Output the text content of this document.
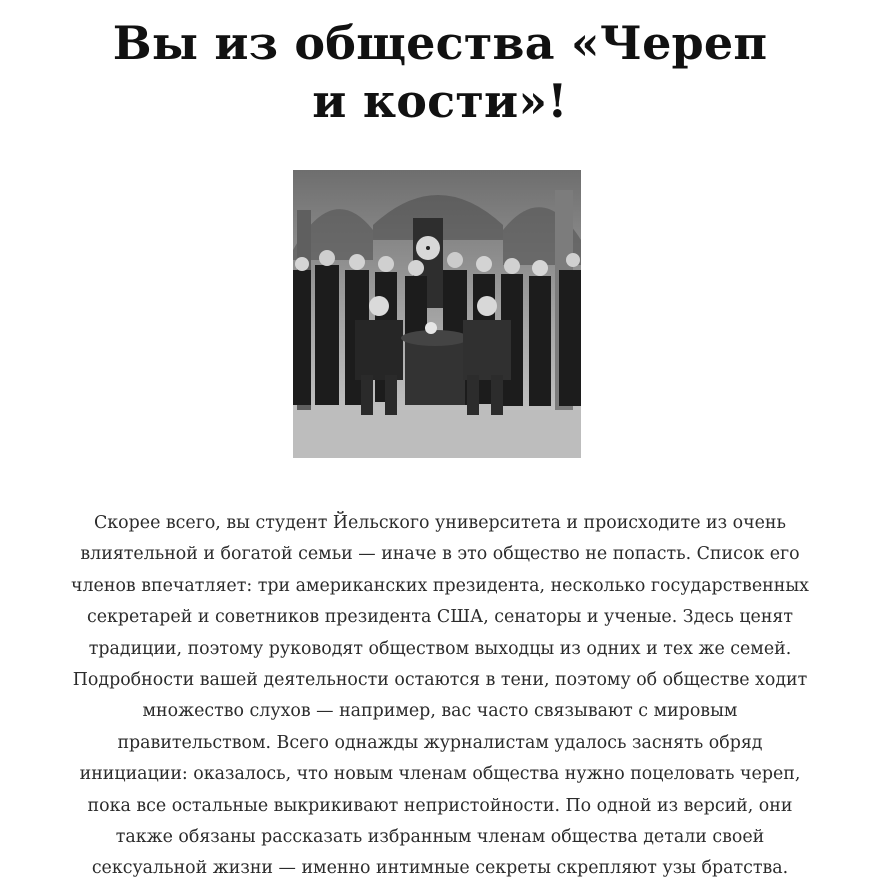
Вы из общества «Череп
и кости»!

Скорее всего, вы студент Йельского университета и происходите из очень
влиятельной и богатой семьи — иначе в это общество не попасть. Список его
членов впечатляет: три американских президента, несколько государственных
секретарей и советников президента США, сенаторы и ученые. Здесь ценят
традиции, поэтому руководят обществом выходцы из одних и тех же семей.
Подробности вашей деятельности остаются в тени, поэтому об обществе ходит
множество слухов — например, вас часто связывают с мировым
правительством. Всего однажды журналистам удалось заснять обряд
инициации: оказалось, что новым членам общества нужно поцеловать череп,
пока все остальные выкрикивают непристойности. По одной из версий, они
также обязаны рассказать избранным членам общества детали своей
сексуальной жизни — именно интимные секреты скрепляют узы братства.
